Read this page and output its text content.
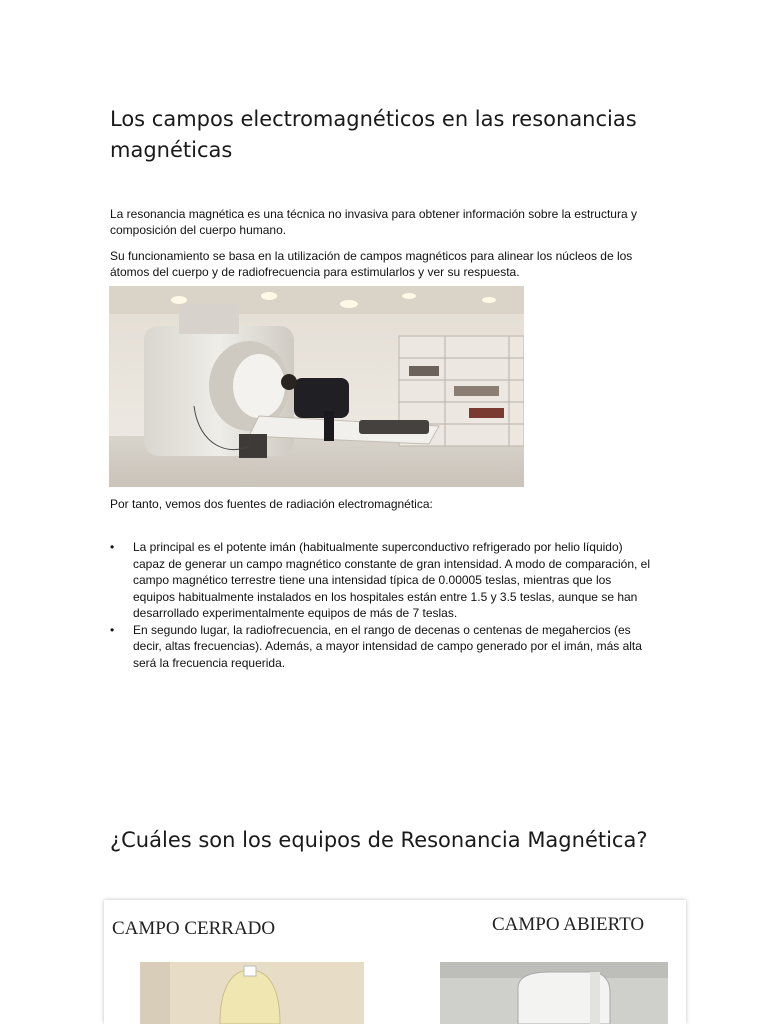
Los campos electromagnéticos en las resonancias magnéticas

La resonancia magnética es una técnica no invasiva para obtener información sobre la estructura y composición del cuerpo humano.

Su funcionamiento se basa en la utilización de campos magnéticos para alinear los núcleos de los átomos del cuerpo y de radiofrecuencia para estimularlos y ver su respuesta.

Por tanto, vemos dos fuentes de radiación electromagnética:

• La principal es el potente imán (habitualmente superconductivo refrigerado por helio líquido) capaz de generar un campo magnético constante de gran intensidad. A modo de comparación, el campo magnético terrestre tiene una intensidad típica de 0.00005 teslas, mientras que los equipos habitualmente instalados en los hospitales están entre 1.5 y 3.5 teslas, aunque se han desarrollado experimentalmente equipos de más de 7 teslas.
• En segundo lugar, la radiofrecuencia, en el rango de decenas o centenas de megahercios (es decir, altas frecuencias). Además, a mayor intensidad de campo generado por el imán, más alta será la frecuencia requerida.
¿Cuáles son los equipos de Resonancia Magnética?

CAMPO CERRADO	CAMPO ABIERTO
